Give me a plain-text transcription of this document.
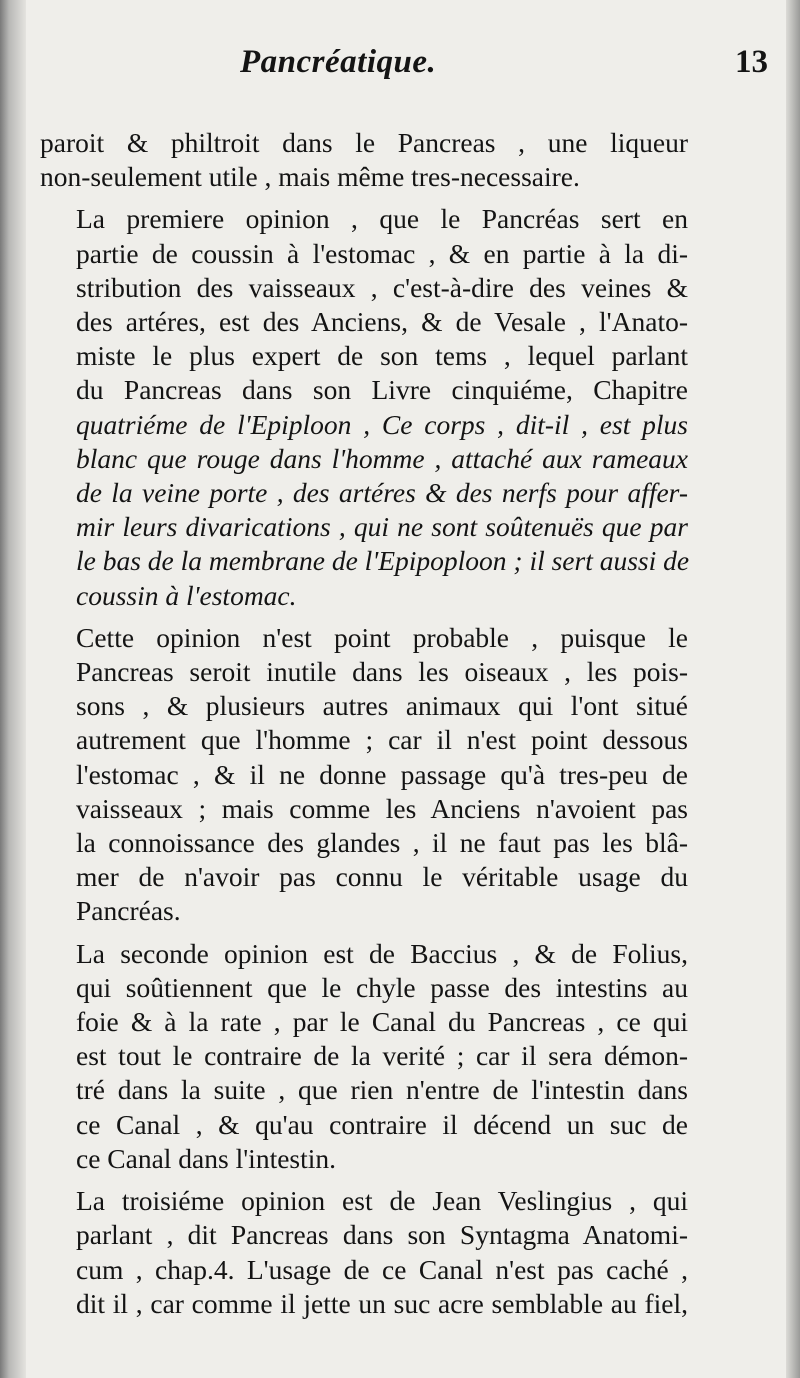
Pancréatique.	13

paroit & philtroit dans le Pancreas , une liqueur
non-seulement utile , mais même tres-necessaire.

La premiere opinion , que le Pancréas sert en
partie de coussin à l'estomac , & en partie à la di-
stribution des vaisseaux , c'est-à-dire des veines &
des artéres, est des Anciens, & de Vesale , l'Anato-
miste le plus expert de son tems , lequel parlant
du Pancreas dans son Livre cinquiéme, Chapitre
quatriéme de l'Epiploon , Ce corps , dit-il , est plus
blanc que rouge dans l'homme , attaché aux rameaux
de la veine porte , des artéres & des nerfs pour affer-
mir leurs divarications , qui ne sont soûtenuës que par
le bas de la membrane de l'Epipoploon ; il sert aussi de
coussin à l'estomac.

Cette opinion n'est point probable , puisque le
Pancreas seroit inutile dans les oiseaux , les pois-
sons , & plusieurs autres animaux qui l'ont situé
autrement que l'homme ; car il n'est point dessous
l'estomac , & il ne donne passage qu'à tres-peu de
vaisseaux ; mais comme les Anciens n'avoient pas
la connoissance des glandes , il ne faut pas les blâ-
mer de n'avoir pas connu le véritable usage du
Pancréas.

La seconde opinion est de Baccius , & de Folius,
qui soûtiennent que le chyle passe des intestins au
foie & à la rate , par le Canal du Pancreas , ce qui
est tout le contraire de la verité ; car il sera démon-
tré dans la suite , que rien n'entre de l'intestin dans
ce Canal , & qu'au contraire il décend un suc de
ce Canal dans l'intestin.

La troisiéme opinion est de Jean Veslingius , qui
parlant , dit Pancreas dans son Syntagma Anatomi-
cum , chap.4. L'usage de ce Canal n'est pas caché ,
dit il , car comme il jette un suc acre semblable au fiel,
